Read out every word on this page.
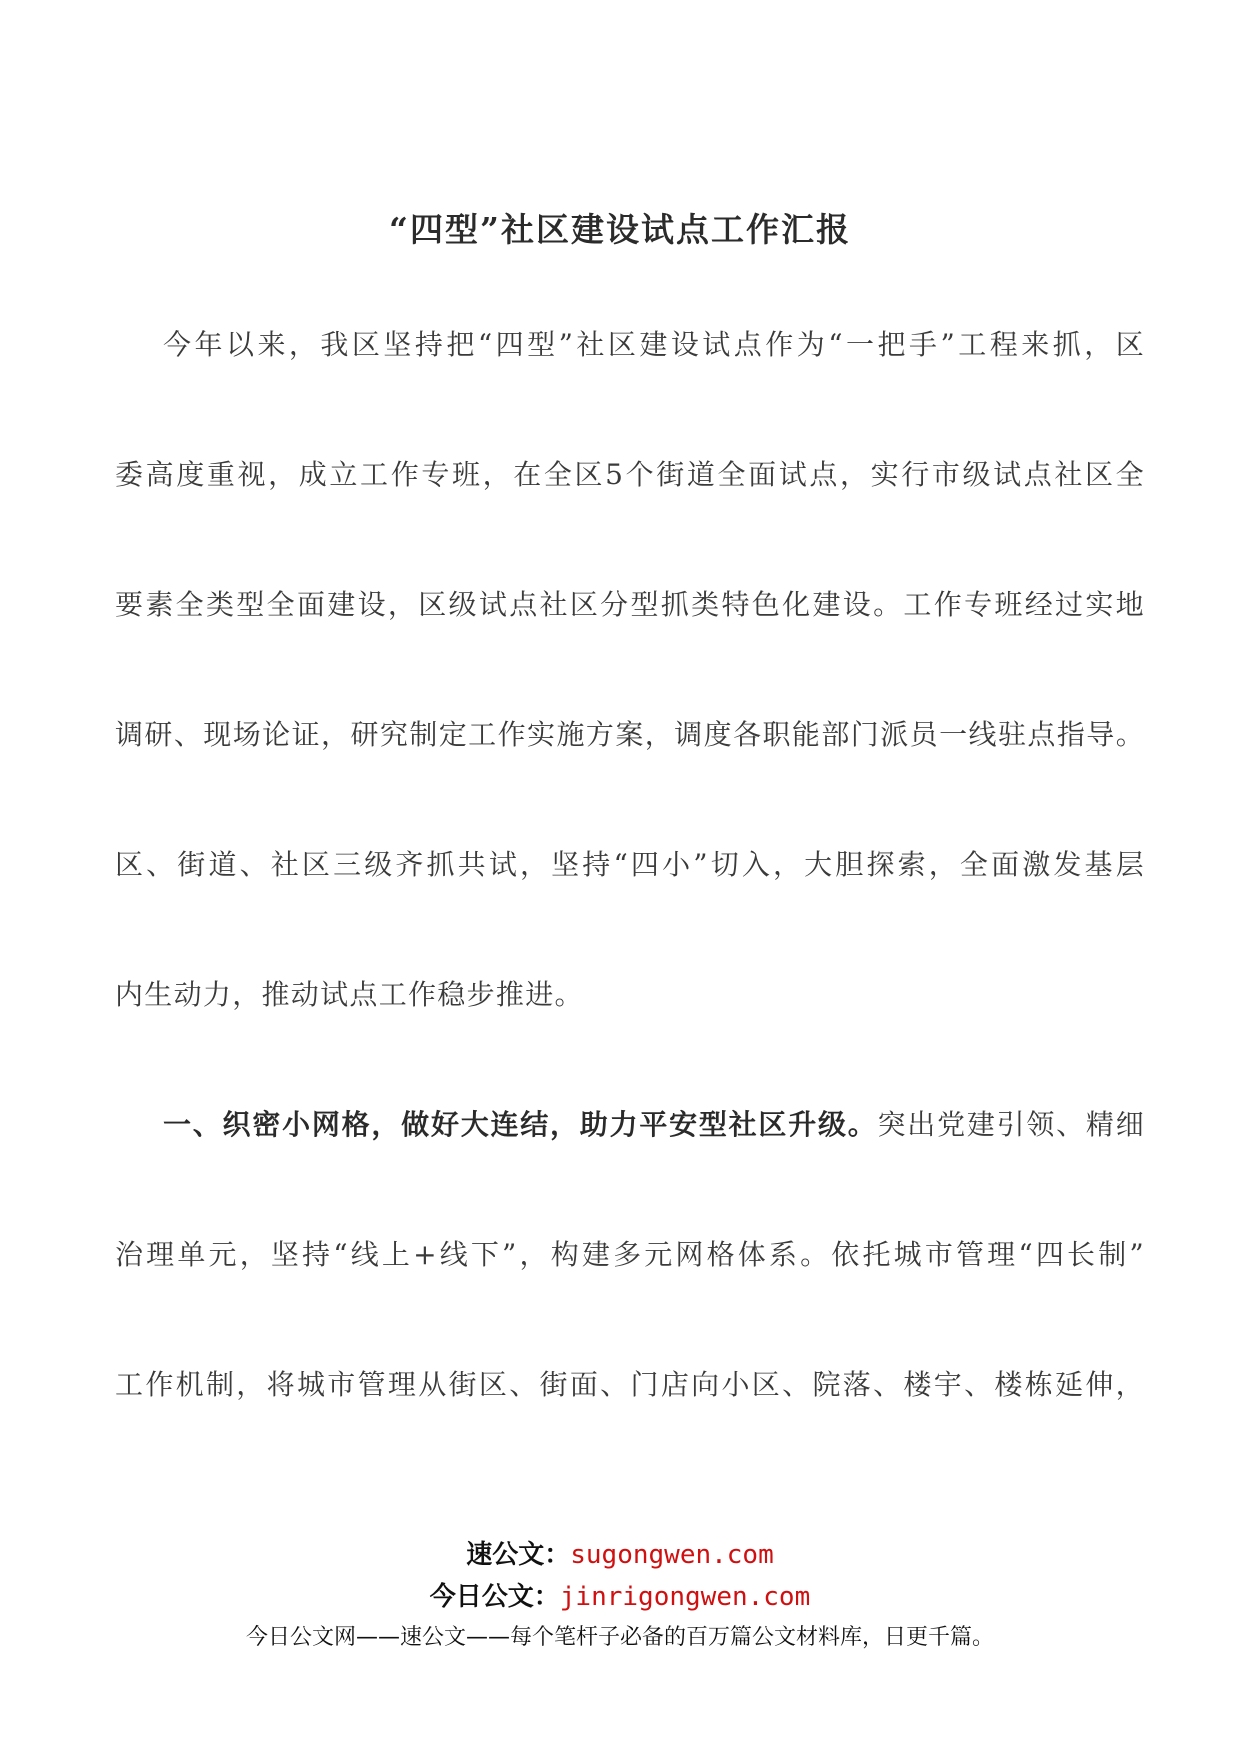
“四型”社区建设试点工作汇报
今年以来，我区坚持把“四型”社区建设试点作为“一把手”工程来抓，区
委高度重视，成立工作专班，在全区5个街道全面试点，实行市级试点社区全
要素全类型全面建设，区级试点社区分型抓类特色化建设。工作专班经过实地
调研、现场论证，研究制定工作实施方案，调度各职能部门派员一线驻点指导。
区、街道、社区三级齐抓共试，坚持“四小”切入，大胆探索，全面激发基层
内生动力，推动试点工作稳步推进。
一、织密小网格，做好大连结，助力平安型社区升级。突出党建引领、精细
治理单元，坚持“线上+线下”，构建多元网格体系。依托城市管理“四长制”
工作机制，将城市管理从街区、街面、门店向小区、院落、楼宇、楼栋延伸，
速公文：sugongwen.com
今日公文：jinrigongwen.com
今日公文网——速公文——每个笔杆子必备的百万篇公文材料库，日更千篇。
